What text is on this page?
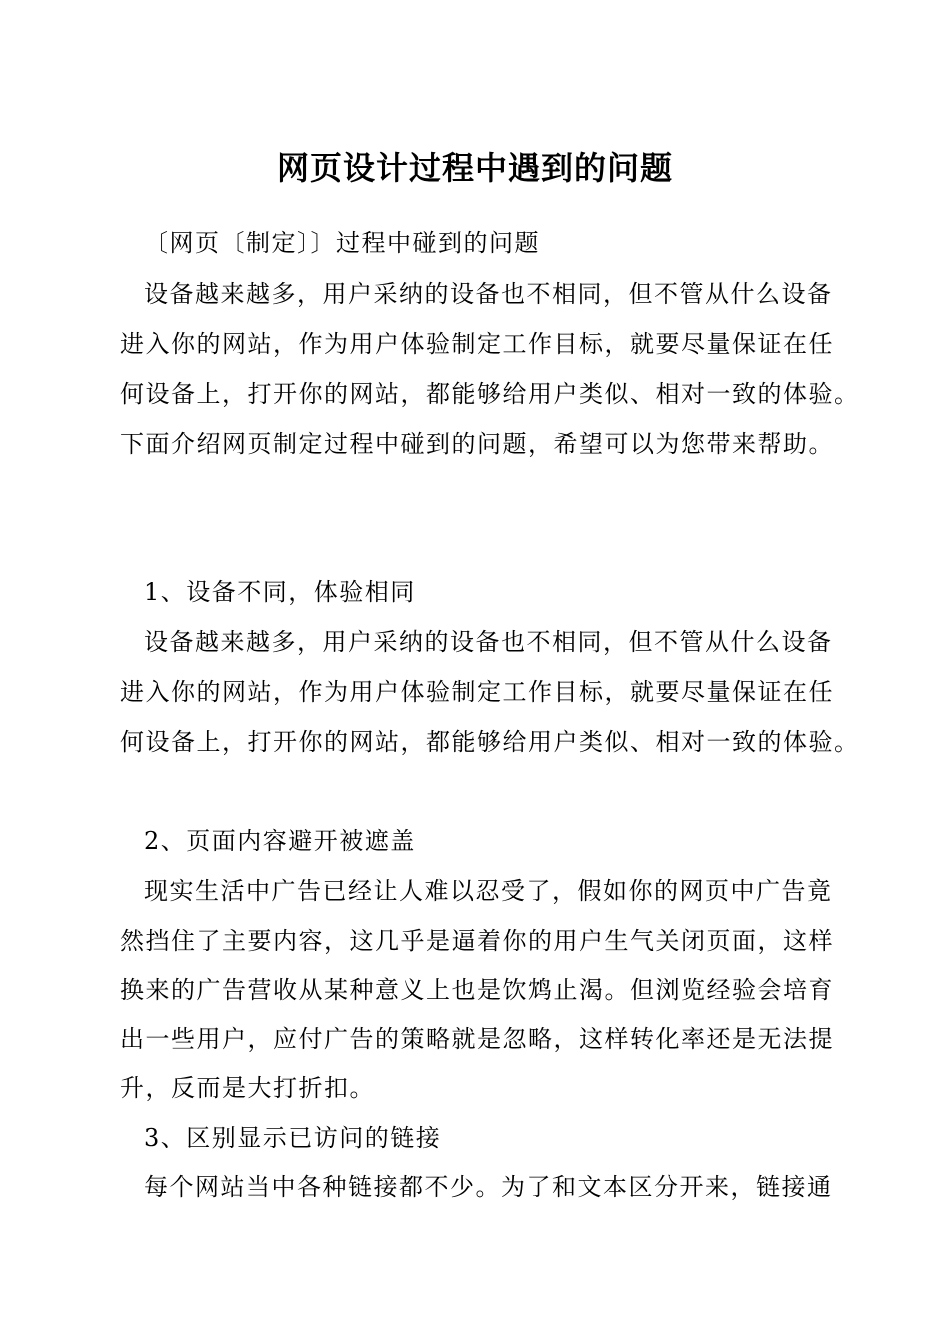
网页设计过程中遇到的问题
〔网页〔制定〕〕过程中碰到的问题
设备越来越多，用户采纳的设备也不相同，但不管从什么设备
进入你的网站，作为用户体验制定工作目标，就要尽量保证在任
何设备上，打开你的网站，都能够给用户类似、相对一致的体验。
下面介绍网页制定过程中碰到的问题，希望可以为您带来帮助。
1、设备不同，体验相同
设备越来越多，用户采纳的设备也不相同，但不管从什么设备
进入你的网站，作为用户体验制定工作目标，就要尽量保证在任
何设备上，打开你的网站，都能够给用户类似、相对一致的体验。
2、页面内容避开被遮盖
现实生活中广告已经让人难以忍受了，假如你的网页中广告竟
然挡住了主要内容，这几乎是逼着你的用户生气关闭页面，这样
换来的广告营收从某种意义上也是饮鸩止渴。但浏览经验会培育
出一些用户，应付广告的策略就是忽略，这样转化率还是无法提
升，反而是大打折扣。
3、区别显示已访问的链接
每个网站当中各种链接都不少。为了和文本区分开来，链接通
